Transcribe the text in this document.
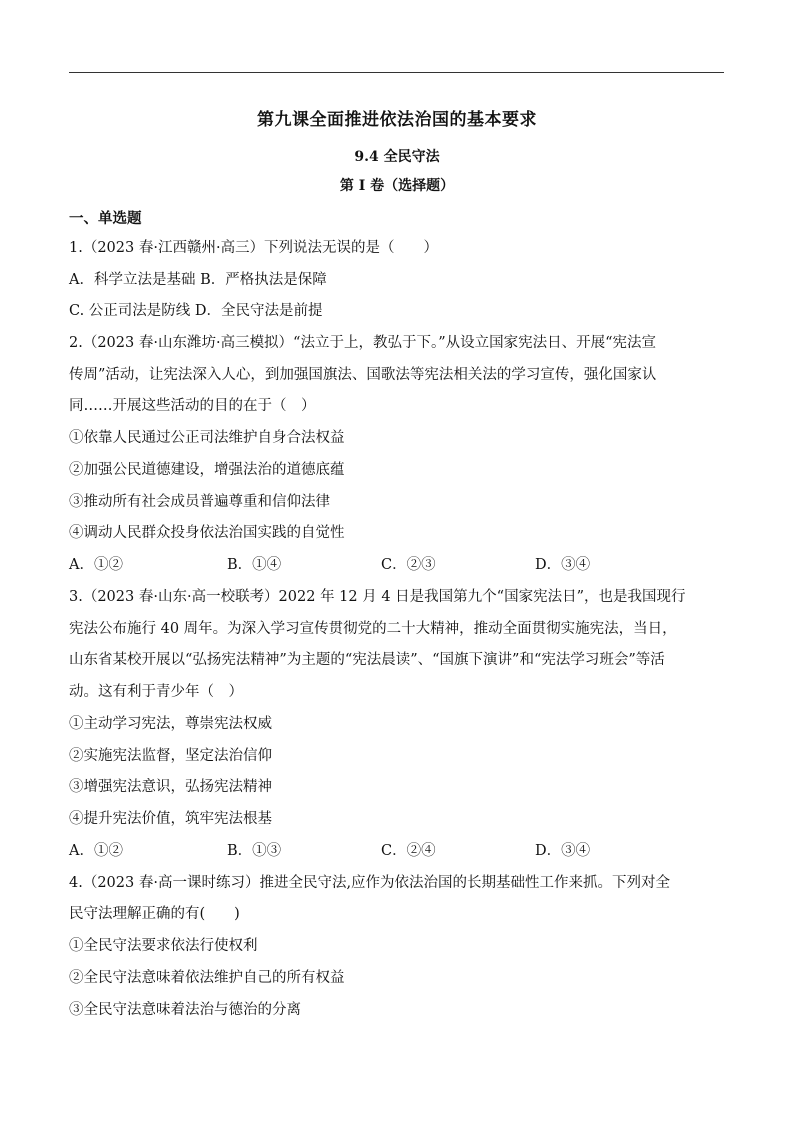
第九课全面推进依法治国的基本要求
9.4 全民守法
第 I 卷（选择题）
一、单选题
1.（2023 春·江西赣州·高三）下列说法无误的是（　　）
A．科学立法是基础 B．严格执法是保障
C. 公正司法是防线 D．全民守法是前提
2.（2023 春·山东潍坊·高三模拟）“法立于上，教弘于下。”从设立国家宪法日、开展“宪法宣
传周”活动，让宪法深入人心，到加强国旗法、国歌法等宪法相关法的学习宣传，强化国家认
同……开展这些活动的目的在于（　）
①依靠人民通过公正司法维护自身合法权益
②加强公民道德建设，增强法治的道德底蕴
③推动所有社会成员普遍尊重和信仰法律
④调动人民群众投身依法治国实践的自觉性
A．①②	B．①④	C．②③	D．③④
3.（2023 春·山东·高一校联考）2022 年 12 月 4 日是我国第九个“国家宪法日”，也是我国现行
宪法公布施行 40 周年。为深入学习宣传贯彻党的二十大精神，推动全面贯彻实施宪法，当日，
山东省某校开展以“弘扬宪法精神”为主题的“宪法晨读”、“国旗下演讲”和“宪法学习班会”等活
动。这有利于青少年（　）
①主动学习宪法，尊崇宪法权威
②实施宪法监督，坚定法治信仰
③增强宪法意识，弘扬宪法精神
④提升宪法价值，筑牢宪法根基
A．①②	B．①③	C．②④	D．③④
4.（2023 春·高一课时练习）推进全民守法,应作为依法治国的长期基础性工作来抓。下列对全
民守法理解正确的有(　　)
①全民守法要求依法行使权利
②全民守法意味着依法维护自己的所有权益
③全民守法意味着法治与德治的分离
